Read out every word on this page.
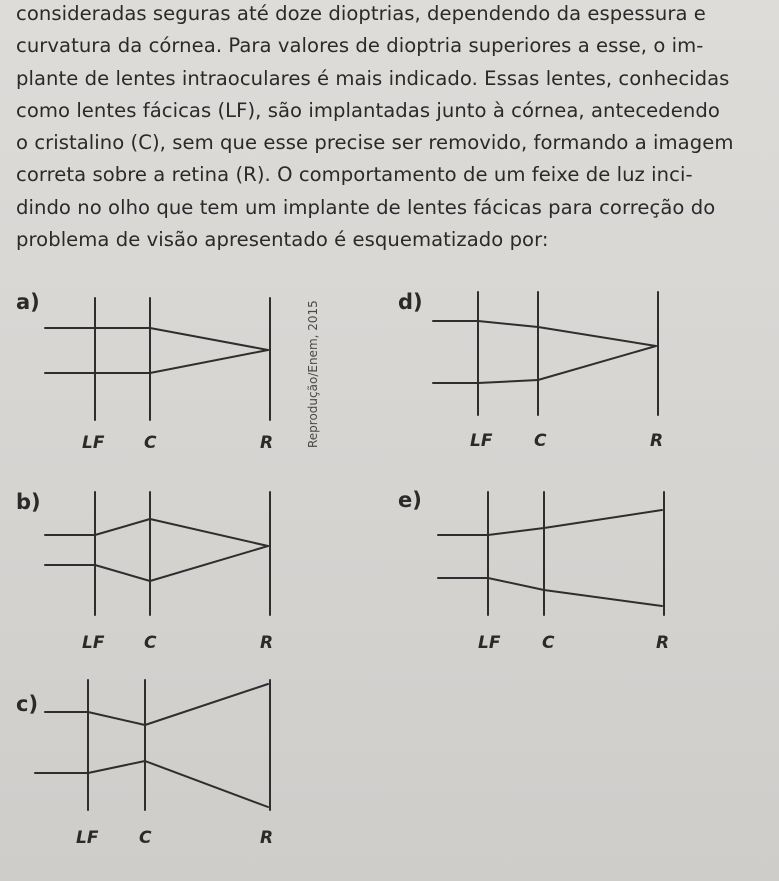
consideradas seguras até doze dioptrias, dependendo da espessura e
curvatura da córnea. Para valores de dioptria superiores a esse, o im-
plante de lentes intraoculares é mais indicado. Essas lentes, conhecidas
como lentes fácicas (LF), são implantadas junto à córnea, antecedendo
o cristalino (C), sem que esse precise ser removido, formando a imagem
correta sobre a retina (R). O comportamento de um feixe de luz inci-
dindo no olho que tem um implante de lentes fácicas para correção do
problema de visão apresentado é esquematizado por:
a)
LF C	R
b)
LF C	R
c)
LF C	R
d)
LF C	R
e)
LF C	R
Reprodução/Enem, 2015
